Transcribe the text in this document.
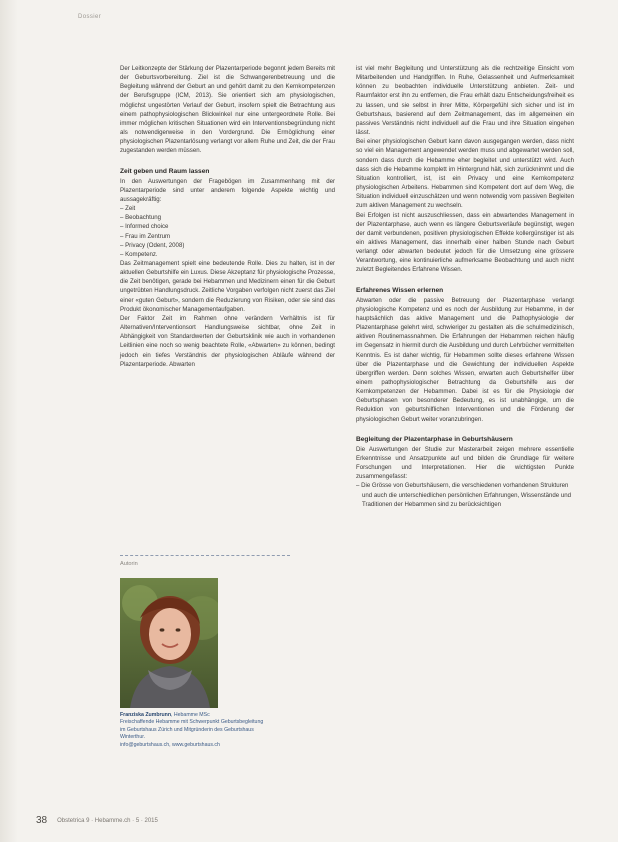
Dossier

Der Leitkonzepte der Stärkung der Plazentarperiode begonnt jedem Bereits mit der Geburtsvorbereitung. Ziel ist die Schwangerenbetreuung und die Begleitung während der Geburt an und gehört damit zu den Kernkompetenzen der Berufsgruppe (ICM, 2013). Sie orientiert sich am physiologischen, möglichst ungestörten Verlauf der Geburt, insofern spielt die Betrachtung aus einem pathophysiologischen Blickwinkel nur eine untergeordnete Rolle. Bei immer möglichen kritischen Situationen wird ein Interventionsbegründung nicht als notwendigerweise in den Vordergrund. Die Ermöglichung einer physiologischen Plazentarlösung verlangt vor allem Ruhe und Zeit, die der Frau zugestanden werden müssen.

Zeit geben und Raum lassen

In den Auswertungen der Fragebögen im Zusammenhang mit der Plazentarperiode sind unter anderem folgende Aspekte wichtig und aussagekräftig:

– Zeit
– Beobachtung
– Informed choice
– Frau im Zentrum
– Privacy (Odent, 2008)
– Kompetenz.

Das Zeitmanagement spielt eine bedeutende Rolle. Dies zu halten, ist in der aktuellen Geburtshilfe ein Luxus. Diese Akzeptanz für physiologische Prozesse, die Zeit benötigen, gerade bei Hebammen und Medizinern einen für die Geburt ungetrübten Handlungsdruck. Zeitliche Vorgaben verfolgen nicht zuerst das Ziel einer «guten Geburt», sondern die Reduzierung von Risiken, oder sie sind das Produkt ökonomischer Managementaufgaben.

Der Faktor Zeit im Rahmen ohne verändern Verhältnis ist für Alternativen/Interventionsort Handlungsweise sichtbar, ohne Zeit in Abhängigkeit von Standardwerten der Geburtsklinik wie auch in vorhandenen Leitlinien eine noch so wenig beachtete Rolle, «Abwarten» zu können, bedingt jedoch ein tiefes Verständnis der physiologischen Abläufe während der Plazentarperiode. Abwarten

Autorin
Franziska Zumbrunn, Hebamme MSc
Freischaffende Hebamme mit Schwerpunkt Geburtsbegleitung im Geburtshaus Zürich und Mitgründerin des Geburtshaus Winterthur.
info@geburtshaus.ch, www.geburtshaus.ch

ist viel mehr Begleitung und Unterstützung als die rechtzeitige Einsicht vom Mitarbeitenden und Handgriffen. In Ruhe, Gelassenheit und Aufmerksamkeit können zu beobachten individuelle Unterstützung anbieten. Zeit- und Raumfaktor erst ihn zu entfernen, die Frau erhält dazu Entscheidungsfreiheit es zu lassen, und sie selbst in ihrer Mitte, Körpergefühl sich sicher und ist im Geburtshaus, basierend auf dem Zeitmanagement, das im allgemeinen ein passives Verständnis nicht individuell auf die Frau und ihre Situation eingehen lässt.

Bei einer physiologischen Geburt kann davon ausgegangen werden, dass nicht so viel ein Management angewendet werden muss und abgewartet werden soll, sondern dass durch die Hebamme eher begleitet und unterstützt wird. Auch dass sich die Hebamme komplett im Hintergrund hält, sich zurücknimmt und die Situation kontrolliert, ist, ist ein Privacy und eine Kernkompetenz physiologischen Arbeitens. Hebammen sind Kompetent dort auf dem Weg, die Situation individuell einzuschätzen und wenn notwendig vom passiven Begleiten zum aktiven Management zu wechseln.

Bei Erfolgen ist nicht auszuschliessen, dass ein abwartendes Management in der Plazentarphase, auch wenn es längere Geburtsverläufe begünstigt, wegen der damit verbundenen, positiven physiologischen Effekte kollergünstiger ist als ein aktives Management, das innerhalb einer halben Stunde nach Geburt verlangt oder abwarten bedeutet jedoch für die Umsetzung eine grössere Verantwortung, eine kontinuierliche aufmerksame Beobachtung und auch nicht zuletzt Begleitendes Erfahrene Wissen.

Erfahrenes Wissen erlernen

Abwarten oder die passive Betreuung der Plazentarphase verlangt physiologische Kompetenz und es noch der Ausbildung zur Hebamme, in der hauptsächlich das aktive Management und die Pathophysiologie der Plazentarphase gelehrt wird, schwieriger zu gestalten als die schulmedizinisch, aktiven Routinemassnahmen. Die Erfahrungen der Hebammen reichen häufig im Gegensatz in hiermit durch die Ausbildung und durch Lehrbücher vermittelten Kenntnis. Es ist daher wichtig, für Hebammen sollte dieses erfahrene Wissen über die Plazentarphase und die Gewichtung der individuellen Aspekte übergriffen werden. Denn solches Wissen, erwarten auch Geburtshelfer über einem pathophysiologischer Betrachtung da Geburtshilfe aus der Kernkompetenzen der Hebammen. Dabei ist es für die Physiologie der Geburtsphasen von besonderer Bedeutung, es ist unabhängige, um die Reduktion von geburtshilflichen Interventionen und die Förderung der physiologischen Geburt weiter voranzubringen.

Begleitung der Plazentarphase in Geburtshäusern

Die Auswertungen der Studie zur Masterarbeit zeigen mehrere essentielle Erkenntnisse und Ansatzpunkte auf und bilden die Grundlage für weitere Forschungen und Interpretationen. Hier die wichtigsten Punkte zusammengefasst:

– Die Grösse von Geburtshäusern, die verschiedenen vorhandenen Strukturen und auch die unterschiedlichen persönlichen Erfahrungen, Wissenstände und Traditionen der Hebammen sind zu berücksichtigen
38 Obstetrica 9 · Hebamme.ch · 5 · 2015
